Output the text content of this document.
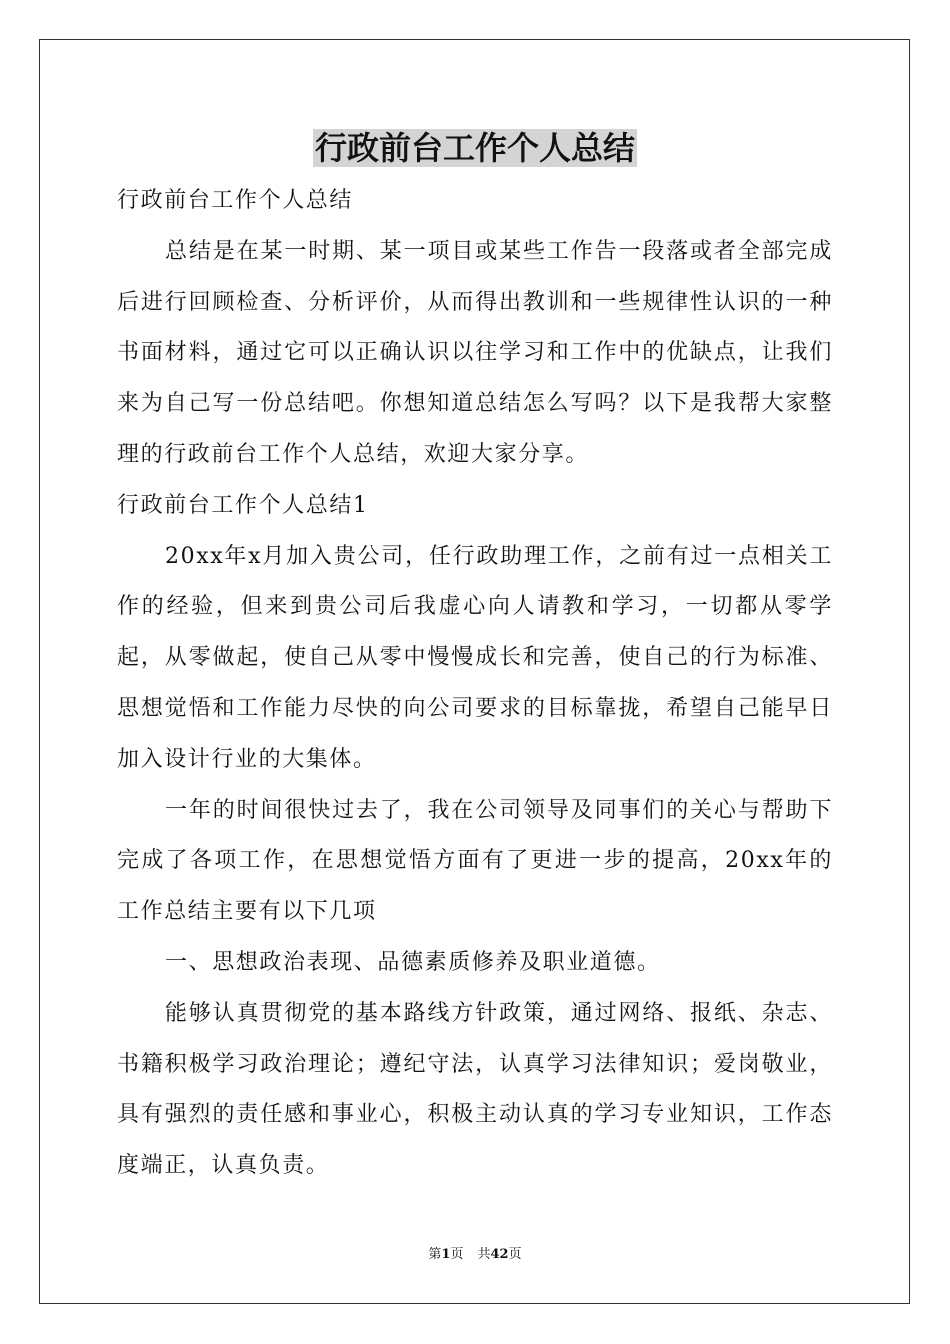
行政前台工作个人总结

行政前台工作个人总结

总结是在某一时期、某一项目或某些工作告一段落或者全部完成后进行回顾检查、分析评价，从而得出教训和一些规律性认识的一种书面材料，通过它可以正确认识以往学习和工作中的优缺点，让我们来为自己写一份总结吧。你想知道总结怎么写吗？以下是我帮大家整理的行政前台工作个人总结，欢迎大家分享。

行政前台工作个人总结1

20xx年x月加入贵公司，任行政助理工作，之前有过一点相关工作的经验，但来到贵公司后我虚心向人请教和学习，一切都从零学起，从零做起，使自己从零中慢慢成长和完善，使自己的行为标准、思想觉悟和工作能力尽快的向公司要求的目标靠拢，希望自己能早日加入设计行业的大集体。

一年的时间很快过去了，我在公司领导及同事们的关心与帮助下完成了各项工作，在思想觉悟方面有了更进一步的提高，20xx年的工作总结主要有以下几项

一、思想政治表现、品德素质修养及职业道德。

能够认真贯彻党的基本路线方针政策，通过网络、报纸、杂志、书籍积极学习政治理论；遵纪守法，认真学习法律知识；爱岗敬业，具有强烈的责任感和事业心，积极主动认真的学习专业知识，工作态度端正，认真负责。

第1页 共42页
